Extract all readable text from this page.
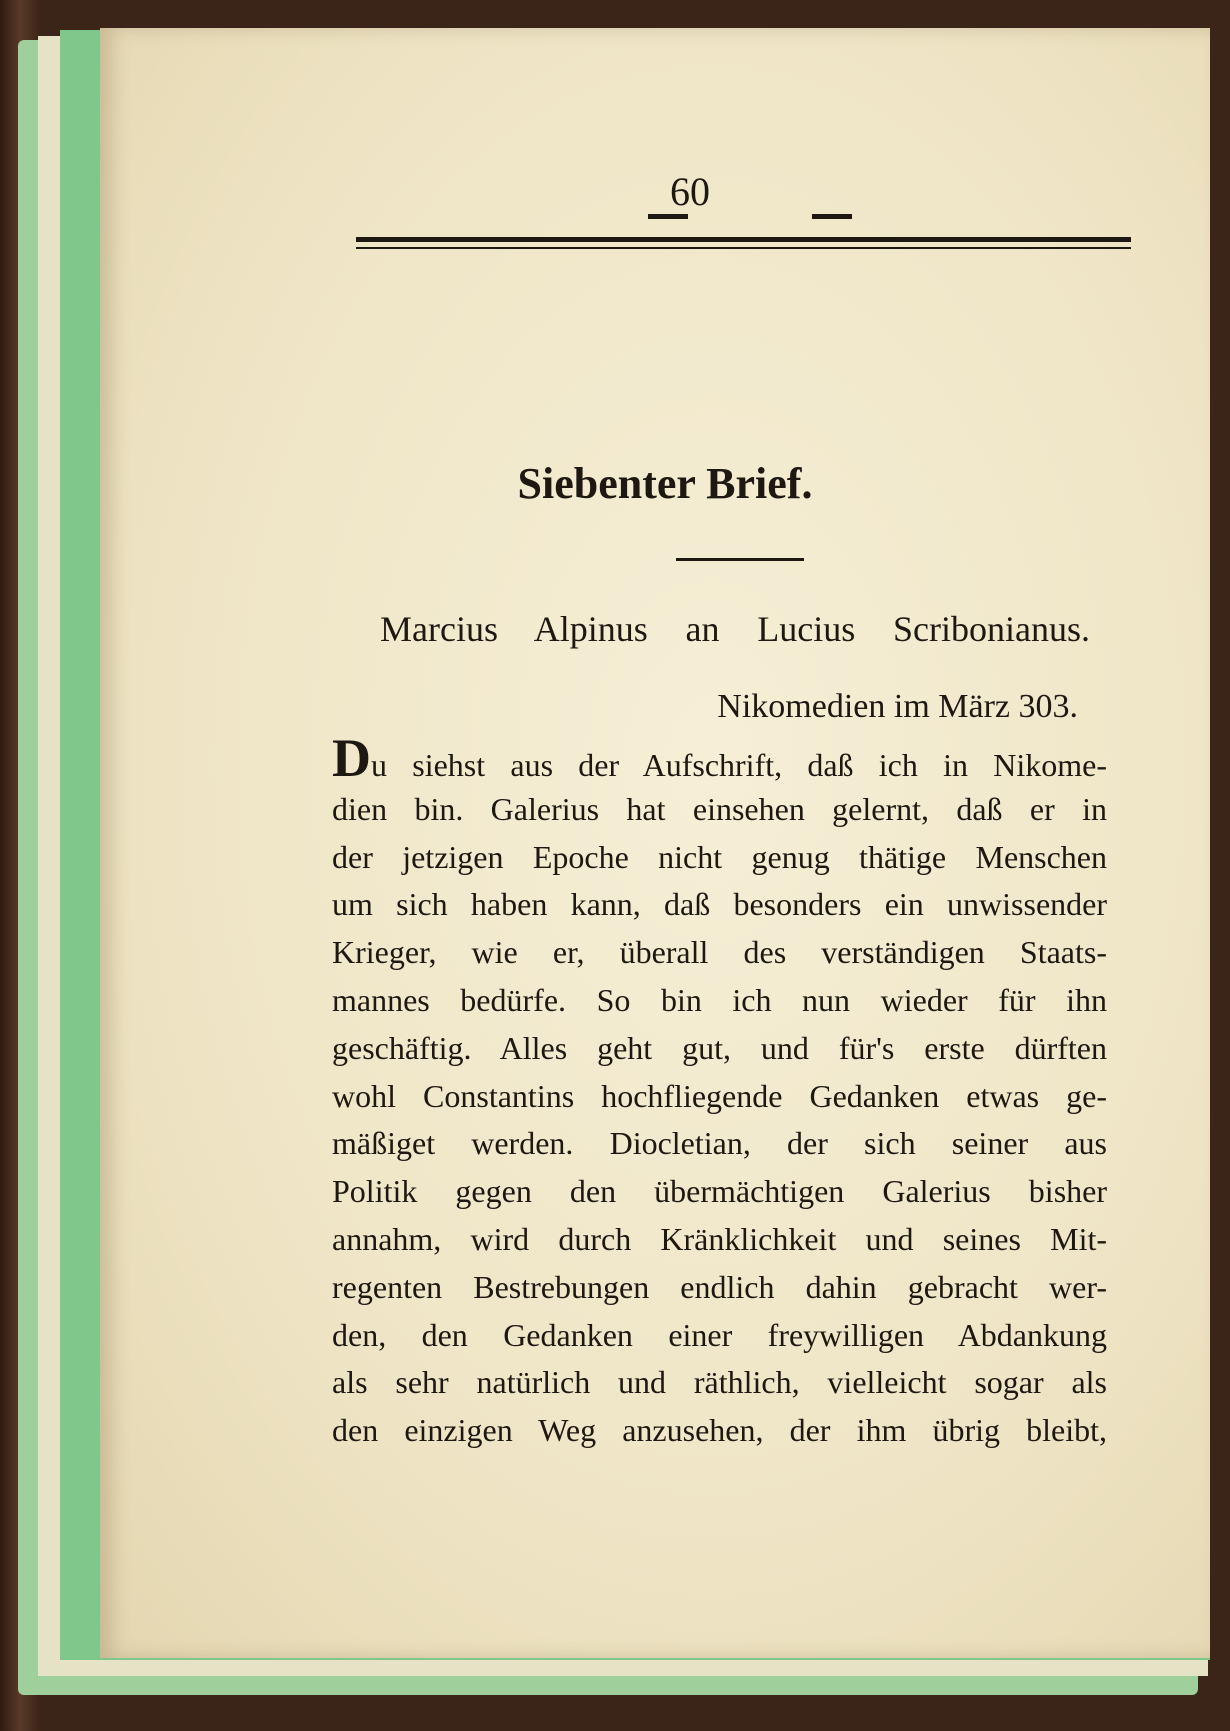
60
Siebenter Brief.
Marcius Alpinus an Lucius Scribonianus.
Nikomedien im März 303.
Du siehst aus der Aufschrift, daß ich in Nikome-
dien bin. Galerius hat einsehen gelernt, daß er in
der jetzigen Epoche nicht genug thätige Menschen
um sich haben kann, daß besonders ein unwissender
Krieger, wie er, überall des verständigen Staats-
mannes bedürfe. So bin ich nun wieder für ihn
geschäftig. Alles geht gut, und für's erste dürften
wohl Constantins hochfliegende Gedanken etwas ge-
mäßiget werden. Diocletian, der sich seiner aus
Politik gegen den übermächtigen Galerius bisher
annahm, wird durch Kränklichkeit und seines Mit-
regenten Bestrebungen endlich dahin gebracht wer-
den, den Gedanken einer freywilligen Abdankung
als sehr natürlich und räthlich, vielleicht sogar als
den einzigen Weg anzusehen, der ihm übrig bleibt,
